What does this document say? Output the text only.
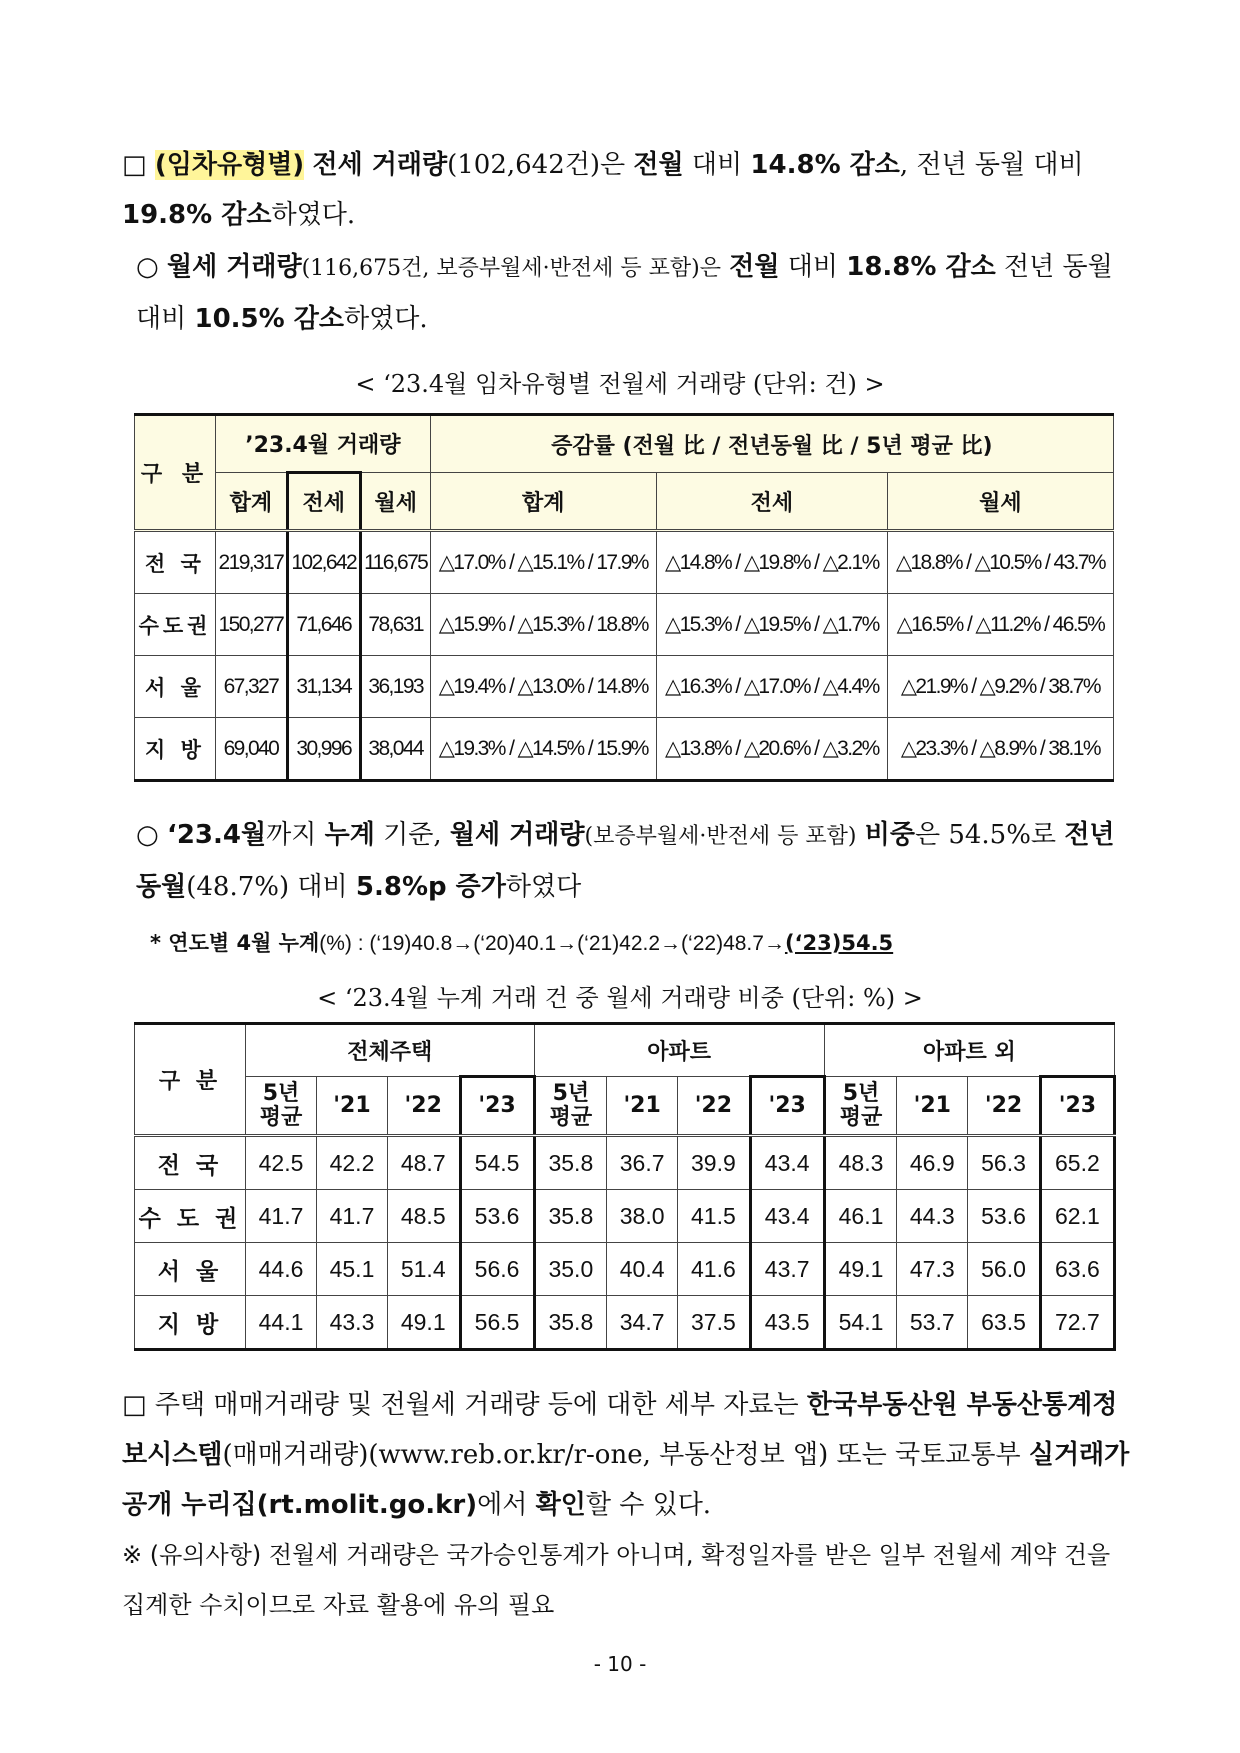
□ (임차유형별) 전세 거래량(102,642건)은 전월 대비 14.8% 감소, 전년 동월 대비 19.8% 감소하였다.
○ 월세 거래량(116,675건, 보증부월세·반전세 등 포함)은 전월 대비 18.8% 감소 전년 동월 대비 10.5% 감소하였다.
< ‘23.4월 임차유형별 전월세 거래량 (단위: 건) >
구 분	’23.4월 거래량			증감률 (전월 比 / 전년동월 比 / 5년 평균 比)		
	합계	전세	월세	합계	전세	월세
전 국	219,317	102,642	116,675	△17.0% / △15.1% / 17.9%	△14.8% / △19.8% / △2.1%	△18.8% / △10.5% / 43.7%
수도권	150,277	71,646	78,631	△15.9% / △15.3% / 18.8%	△15.3% / △19.5% / △1.7%	△16.5% / △11.2% / 46.5%
서 울	67,327	31,134	36,193	△19.4% / △13.0% / 14.8%	△16.3% / △17.0% / △4.4%	△21.9% / △9.2% / 38.7%
지 방	69,040	30,996	38,044	△19.3% / △14.5% / 15.9%	△13.8% / △20.6% / △3.2%	△23.3% / △8.9% / 38.1%
○ ‘23.4월까지 누계 기준, 월세 거래량(보증부월세·반전세 등 포함) 비중은 54.5%로 전년 동월(48.7%) 대비 5.8%p 증가하였다
* 연도별 4월 누계(%) : (‘19)40.8→(‘20)40.1→(‘21)42.2→(‘22)48.7→(‘23)54.5
< ‘23.4월 누계 거래 건 중 월세 거래량 비중 (단위: %) >
구 분	전체주택				아파트				아파트 외			
	5년
평균	'21	'22	'23	5년
평균	'21	'22	'23	5년
평균	'21	'22	'23
전 국	42.5	42.2	48.7	54.5	35.8	36.7	39.9	43.4	48.3	46.9	56.3	65.2
수 도 권	41.7	41.7	48.5	53.6	35.8	38.0	41.5	43.4	46.1	44.3	53.6	62.1
서 울	44.6	45.1	51.4	56.6	35.0	40.4	41.6	43.7	49.1	47.3	56.0	63.6
지 방	44.1	43.3	49.1	56.5	35.8	34.7	37.5	43.5	54.1	53.7	63.5	72.7
□ 주택 매매거래량 및 전월세 거래량 등에 대한 세부 자료는 한국부동산원 부동산통계정보시스템(매매거래량)(www.reb.or.kr/r-one, 부동산정보 앱) 또는 국토교통부 실거래가 공개 누리집(rt.molit.go.kr)에서 확인할 수 있다.
※ (유의사항) 전월세 거래량은 국가승인통계가 아니며, 확정일자를 받은 일부 전월세 계약 건을 집계한 수치이므로 자료 활용에 유의 필요
- 10 -
